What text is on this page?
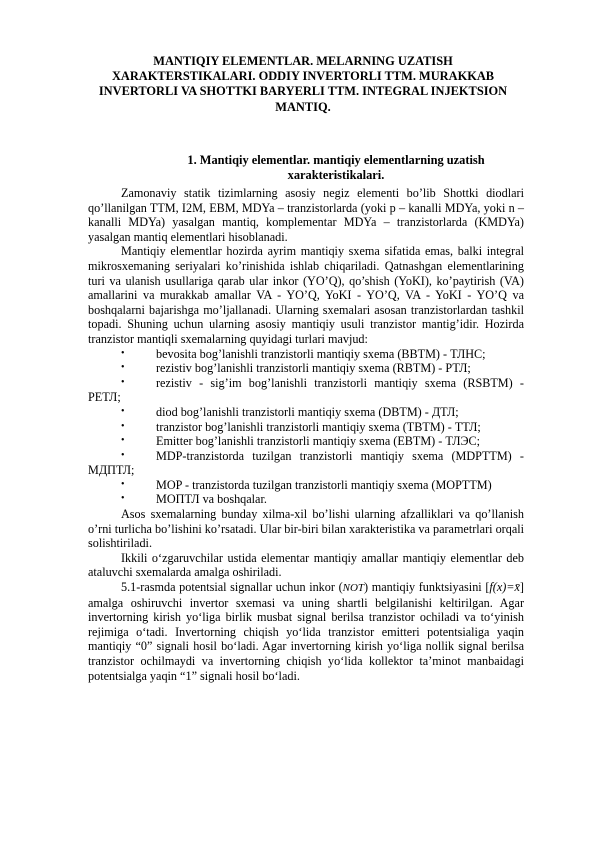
MANTIQIY ELEMENTLAR. MELARNING UZATISH XARAKTERSTIKALARI. ODDIY INVERTORLI TTM. MURAKKAB INVERTORLI VA SHOTTKI BARYERLI TTM. INTEGRAL INJEKTSION MANTIQ.
1. Mantiqiy elementlar. mantiqiy elementlarning uzatish xarakteristikalari.

Zamonaviy statik tizimlarning asosiy negiz elementi bo’lib Shottki diodlari qo’llanilgan TTM, I2M, EBM, MDYa – tranzistorlarda (yoki p – kanalli MDYa, yoki n – kanalli MDYa) yasalgan mantiq, komplementar MDYa – tranzistorlarda (KMDYa) yasalgan mantiq elementlari hisoblanadi.

Mantiqiy elementlar hozirda ayrim mantiqiy sxema sifatida emas, balki integral mikrosxemaning seriyalari ko’rinishida ishlab chiqariladi. Qatnashgan elementlarining turi va ulanish usullariga qarab ular inkor (YO’Q), qo’shish (YoKI), ko’paytirish (VA) amallarini va murakkab amallar VA - YO’Q, YoKI - YO’Q, VA - YoKI - YO’Q va boshqalarni bajarishga mo’ljallanadi. Ularning sxemalari asosan tranzistorlardan tashkil topadi. Shuning uchun ularning asosiy mantiqiy usuli tranzistor mantig’idir. Hozirda tranzistor mantiqli sxemalarning quyidagi turlari mavjud:

•	bevosita bog’lanishli tranzistorli mantiqiy sxema (BBTM) - ТЛНС;

•	rezistiv bog’lanishli tranzistorli mantiqiy sxema (RBTM) - РТЛ;

•	rezistiv - sig’im bog’lanishli tranzistorli mantiqiy sxema (RSBTM) - РЕТЛ;

•	diod bog’lanishli tranzistorli mantiqiy sxema (DBTM) - ДТЛ;

•	tranzistor bog’lanishli tranzistorli mantiqiy sxema (TBTM) - ТТЛ;

•	Emitter bog’lanishli tranzistorli mantiqiy sxema (EBTM) - ТЛЭС;

•	MDP-tranzistorda tuzilgan tranzistorli mantiqiy sxema (MDPTTM) - МДПТЛ;

•	MOP - tranzistorda tuzilgan tranzistorli mantiqiy sxema (MOPTTM)

•	МОПТЛ va boshqalar.

Asos sxemalarning bunday xilma-xil bo’lishi ularning afzalliklari va qo’llanish o’rni turlicha bo’lishini ko’rsatadi. Ular bir-biri bilan xarakteristika va parametrlari orqali solishtiriladi.

Ikkili o‘zgaruvchilar ustida elementar mantiqiy amallar mantiqiy elementlar deb ataluvchi sxemalarda amalga oshiriladi.

5.1-rasmda potentsial signallar uchun inkor (NOT) mantiqiy funktsiyasini [f(x)=x̄] amalga oshiruvchi invertor sxemasi va uning shartli belgilanishi keltirilgan. Agar invertorning kirish yo‘liga birlik musbat signal berilsa tranzistor ochiladi va to‘yinish rejimiga o‘tadi. Invertorning chiqish yo‘lida tranzistor emitteri potentsialiga yaqin mantiqiy “0” signali hosil bo‘ladi. Agar invertorning kirish yo‘liga nollik signal berilsa tranzistor ochilmaydi va invertorning chiqish yo‘lida kollektor ta’minot manbaidagi potentsialga yaqin “1” signali hosil bo‘ladi.
